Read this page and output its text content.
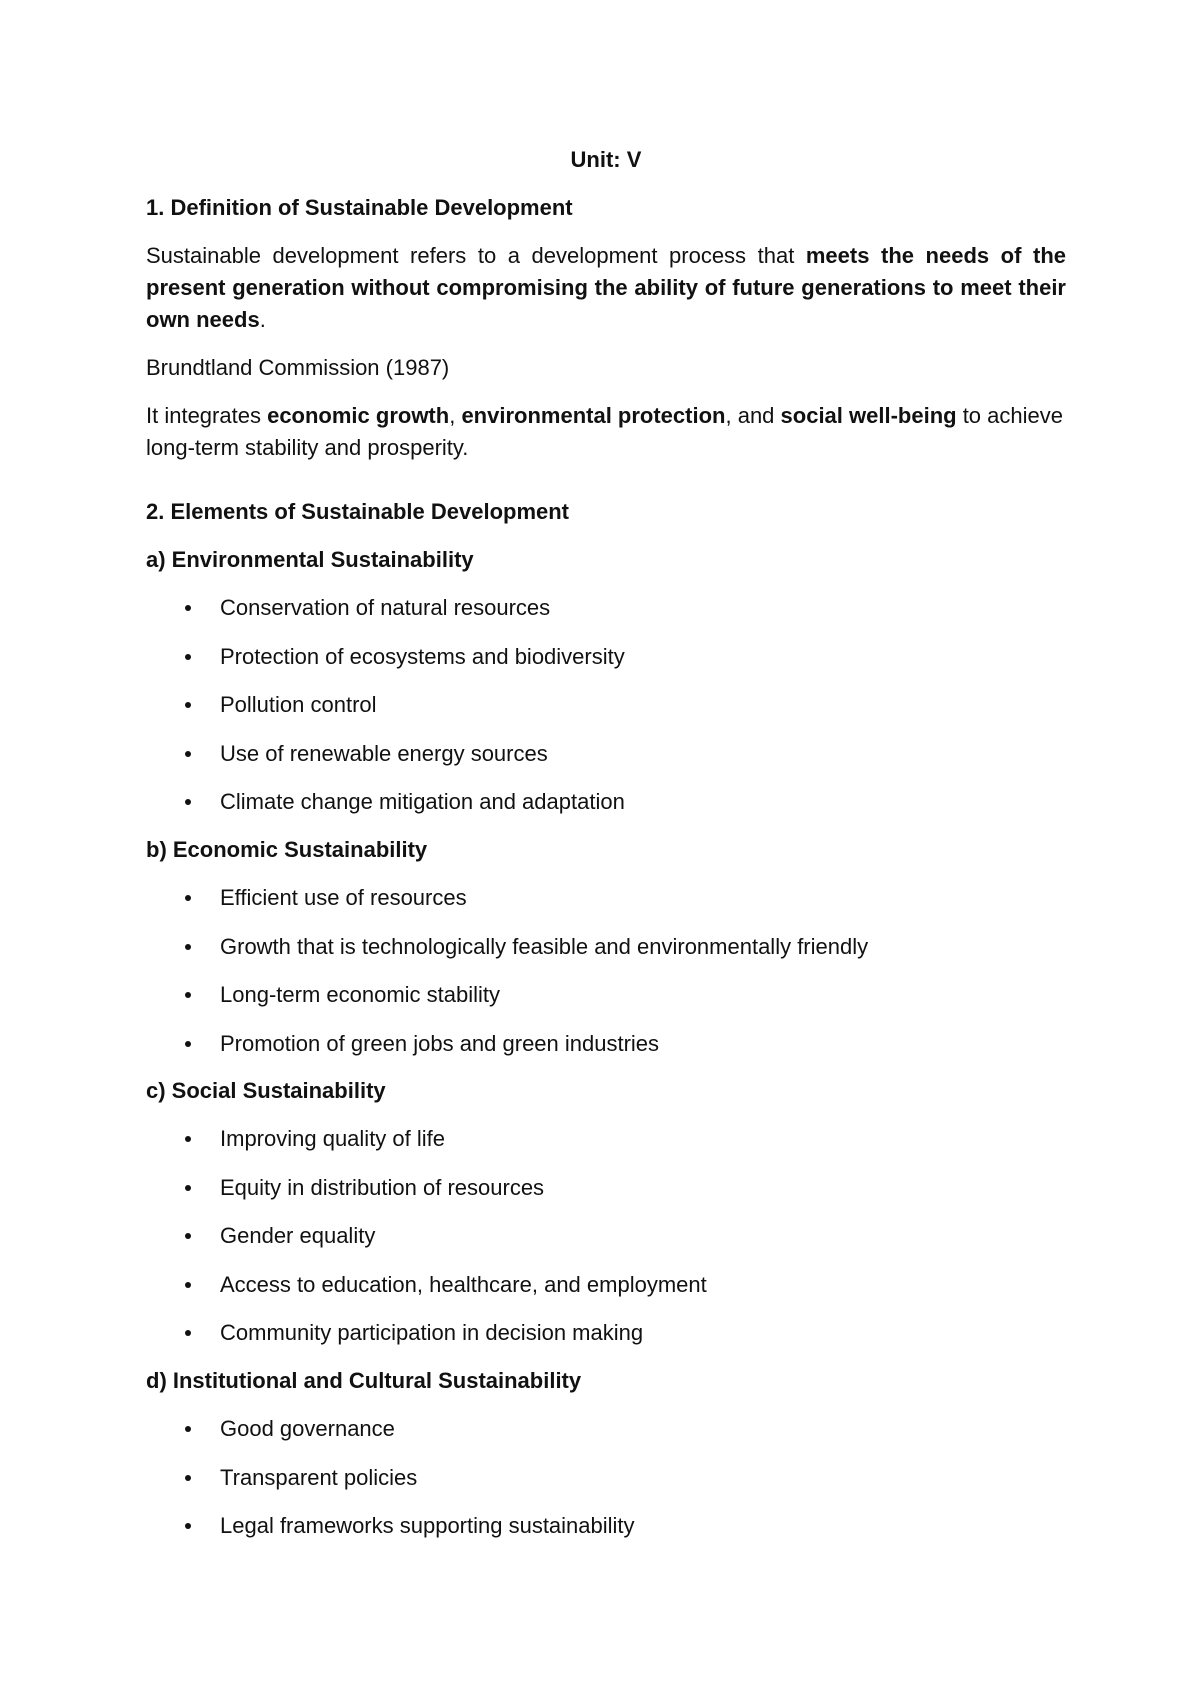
Unit: V
1. Definition of Sustainable Development
Sustainable development refers to a development process that meets the needs of the present generation without compromising the ability of future generations to meet their own needs.
Brundtland Commission (1987)
It integrates economic growth, environmental protection, and social well-being to achieve long-term stability and prosperity.
2. Elements of Sustainable Development
a) Environmental Sustainability
Conservation of natural resources
Protection of ecosystems and biodiversity
Pollution control
Use of renewable energy sources
Climate change mitigation and adaptation
b) Economic Sustainability
Efficient use of resources
Growth that is technologically feasible and environmentally friendly
Long-term economic stability
Promotion of green jobs and green industries
c) Social Sustainability
Improving quality of life
Equity in distribution of resources
Gender equality
Access to education, healthcare, and employment
Community participation in decision making
d) Institutional and Cultural Sustainability
Good governance
Transparent policies
Legal frameworks supporting sustainability
